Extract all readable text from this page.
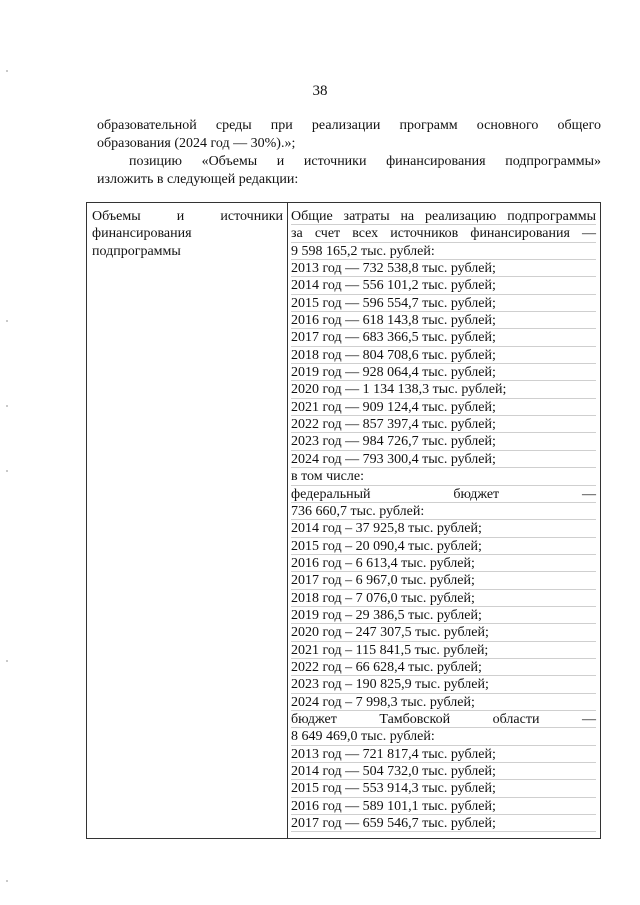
38
образовательной среды при реализации программ основного общего
образования (2024 год — 30%).»;
позицию «Объемы и источники финансирования подпрограммы»
изложить в следующей редакции:
Объемы и источники
финансирования
подпрограммы
Общие затраты на реализацию подпрограммы
за счет всех источников финансирования —
9 598 165,2 тыс. рублей:
2013 год — 732 538,8 тыс. рублей;
2014 год — 556 101,2 тыс. рублей;
2015 год — 596 554,7 тыс. рублей;
2016 год — 618 143,8 тыс. рублей;
2017 год — 683 366,5 тыс. рублей;
2018 год — 804 708,6 тыс. рублей;
2019 год — 928 064,4 тыс. рублей;
2020 год — 1 134 138,3 тыс. рублей;
2021 год — 909 124,4 тыс. рублей;
2022 год — 857 397,4 тыс. рублей;
2023 год — 984 726,7 тыс. рублей;
2024 год — 793 300,4 тыс. рублей;
в том числе:
федеральный бюджет —
736 660,7 тыс. рублей:
2014 год – 37 925,8 тыс. рублей;
2015 год – 20 090,4 тыс. рублей;
2016 год – 6 613,4 тыс. рублей;
2017 год – 6 967,0 тыс. рублей;
2018 год – 7 076,0 тыс. рублей;
2019 год – 29 386,5 тыс. рублей;
2020 год – 247 307,5 тыс. рублей;
2021 год – 115 841,5 тыс. рублей;
2022 год – 66 628,4 тыс. рублей;
2023 год – 190 825,9 тыс. рублей;
2024 год – 7 998,3 тыс. рублей;
бюджет Тамбовской области —
8 649 469,0 тыс. рублей:
2013 год — 721 817,4 тыс. рублей;
2014 год — 504 732,0 тыс. рублей;
2015 год — 553 914,3 тыс. рублей;
2016 год — 589 101,1 тыс. рублей;
2017 год — 659 546,7 тыс. рублей;
